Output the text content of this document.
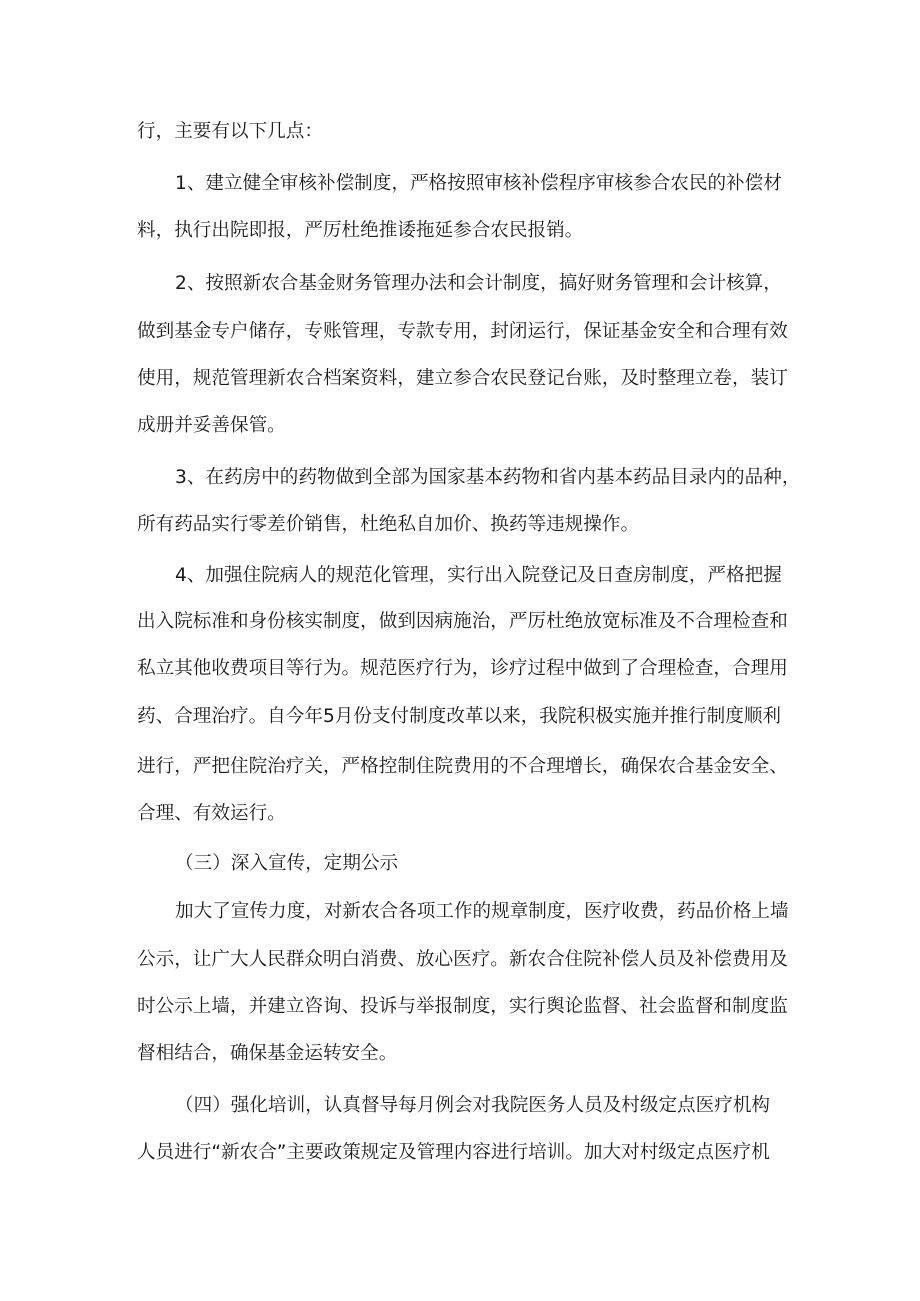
行，主要有以下几点：
1、建立健全审核补偿制度，严格按照审核补偿程序审核参合农民的补偿材
料，执行出院即报，严厉杜绝推诿拖延参合农民报销。
2、按照新农合基金财务管理办法和会计制度，搞好财务管理和会计核算，
做到基金专户储存，专账管理，专款专用，封闭运行，保证基金安全和合理有效
使用，规范管理新农合档案资料，建立参合农民登记台账，及时整理立卷，装订
成册并妥善保管。
3、在药房中的药物做到全部为国家基本药物和省内基本药品目录内的品种，
所有药品实行零差价销售，杜绝私自加价、换药等违规操作。
4、加强住院病人的规范化管理，实行出入院登记及日查房制度，严格把握
出入院标准和身份核实制度，做到因病施治，严厉杜绝放宽标准及不合理检查和
私立其他收费项目等行为。规范医疗行为，诊疗过程中做到了合理检查，合理用
药、合理治疗。自今年5月份支付制度改革以来，我院积极实施并推行制度顺利
进行，严把住院治疗关，严格控制住院费用的不合理增长，确保农合基金安全、
合理、有效运行。
（三）深入宣传，定期公示
加大了宣传力度，对新农合各项工作的规章制度，医疗收费，药品价格上墙
公示，让广大人民群众明白消费、放心医疗。新农合住院补偿人员及补偿费用及
时公示上墙，并建立咨询、投诉与举报制度，实行舆论监督、社会监督和制度监
督相结合，确保基金运转安全。
（四）强化培训，认真督导每月例会对我院医务人员及村级定点医疗机构
人员进行“新农合”主要政策规定及管理内容进行培训。加大对村级定点医疗机
